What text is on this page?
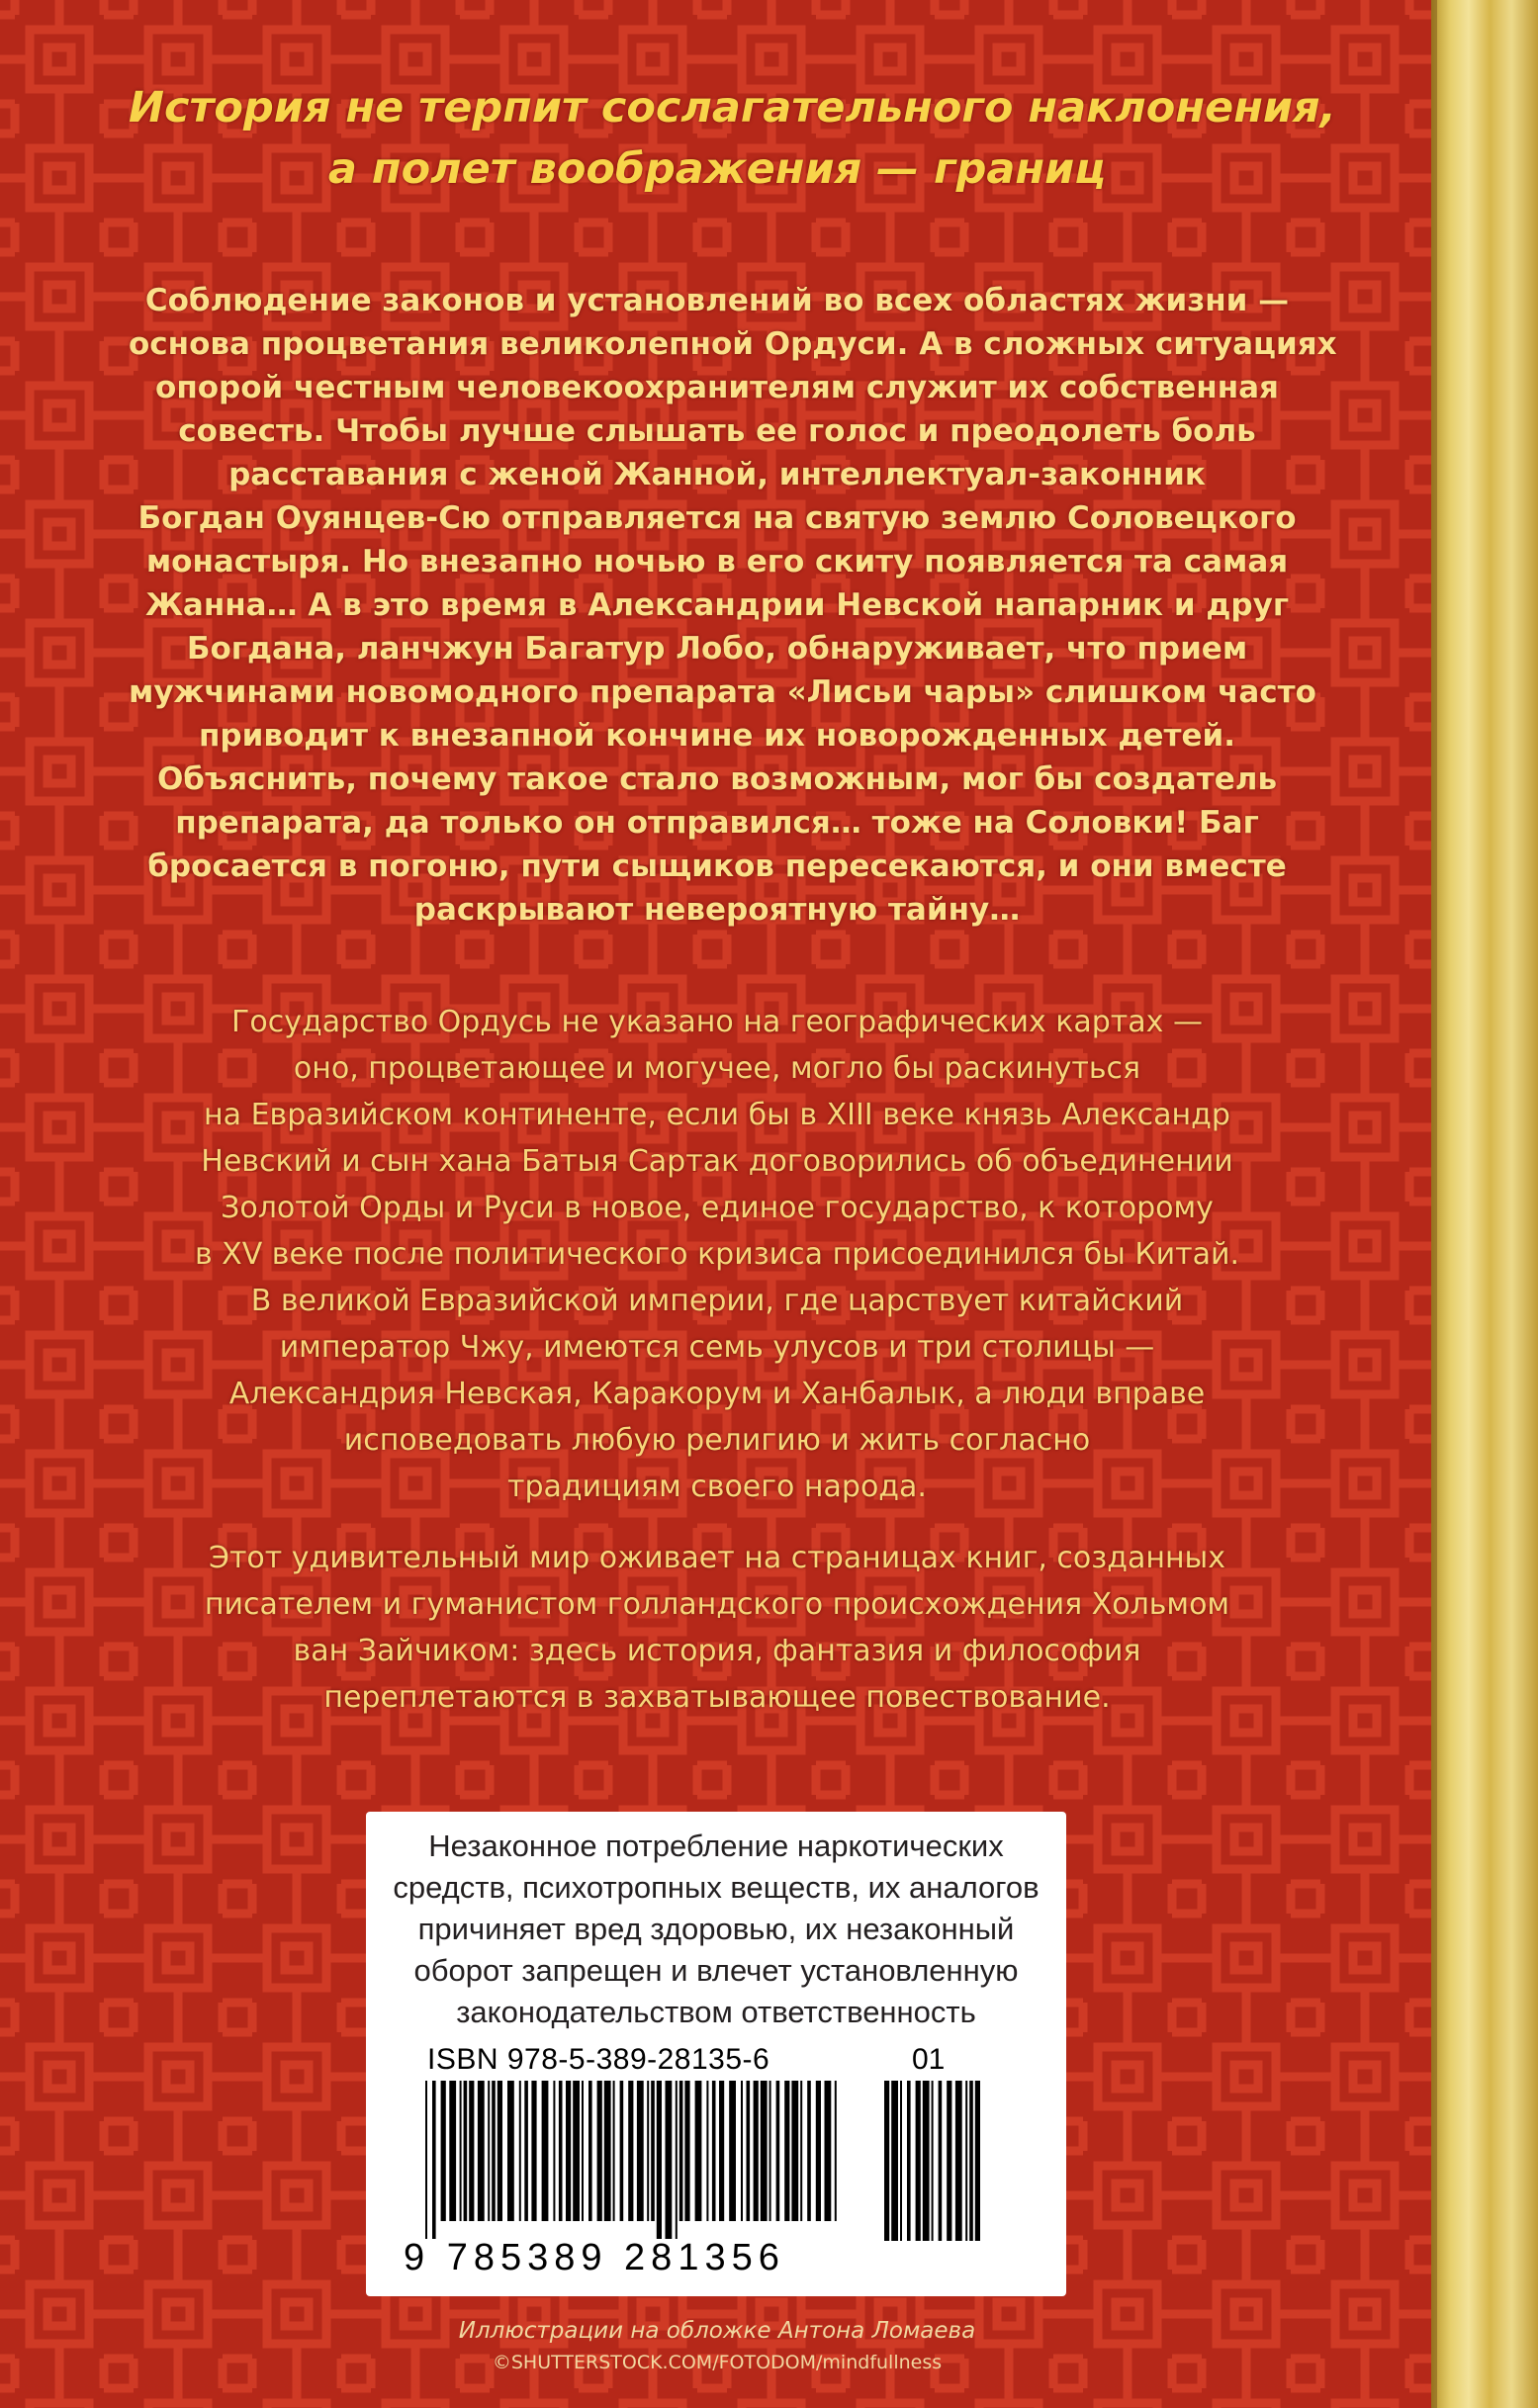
История не терпит сослагательного наклонения,
а полет воображения — границ
Соблюдение законов и установлений во всех областях жизни —
основа процветания великолепной Ордуси. А в сложных ситуациях
опорой честным человекоохранителям служит их собственная
совесть. Чтобы лучше слышать ее голос и преодолеть боль
расставания с женой Жанной, интеллектуал-законник
Богдан Оуянцев-Сю отправляется на святую землю Соловецкого
монастыря. Но внезапно ночью в его скиту появляется та самая
Жанна… А в это время в Александрии Невской напарник и друг
Богдана, ланчжун Багатур Лобо, обнаруживает, что прием
мужчинами новомодного препарата «Лисьи чары» слишком часто
приводит к внезапной кончине их новорожденных детей.
Объяснить, почему такое стало возможным, мог бы создатель
препарата, да только он отправился… тоже на Соловки! Баг
бросается в погоню, пути сыщиков пересекаются, и они вместе
раскрывают невероятную тайну…
Государство Ордусь не указано на географических картах —
оно, процветающее и могучее, могло бы раскинуться
на Евразийском континенте, если бы в XIII веке князь Александр
Невский и сын хана Батыя Сартак договорились об объединении
Золотой Орды и Руси в новое, единое государство, к которому
в XV веке после политического кризиса присоединился бы Китай.
В великой Евразийской империи, где царствует китайский
император Чжу, имеются семь улусов и три столицы —
Александрия Невская, Каракорум и Ханбалык, а люди вправе
исповедовать любую религию и жить согласно
традициям своего народа.
Этот удивительный мир оживает на страницах книг, созданных
писателем и гуманистом голландского происхождения Хольмом
ван Зайчиком: здесь история, фантазия и философия
переплетаются в захватывающее повествование.
Незаконное потребление наркотических
средств, психотропных веществ, их аналогов
причиняет вред здоровью, их незаконный
оборот запрещен и влечет установленную
законодательством ответственность
ISBN 978-5-389-28135-6
9 785389 281356
01
Иллюстрации на обложке Антона Ломаева
©SHUTTERSTOCK.COM/FOTODOM/mindfullness
